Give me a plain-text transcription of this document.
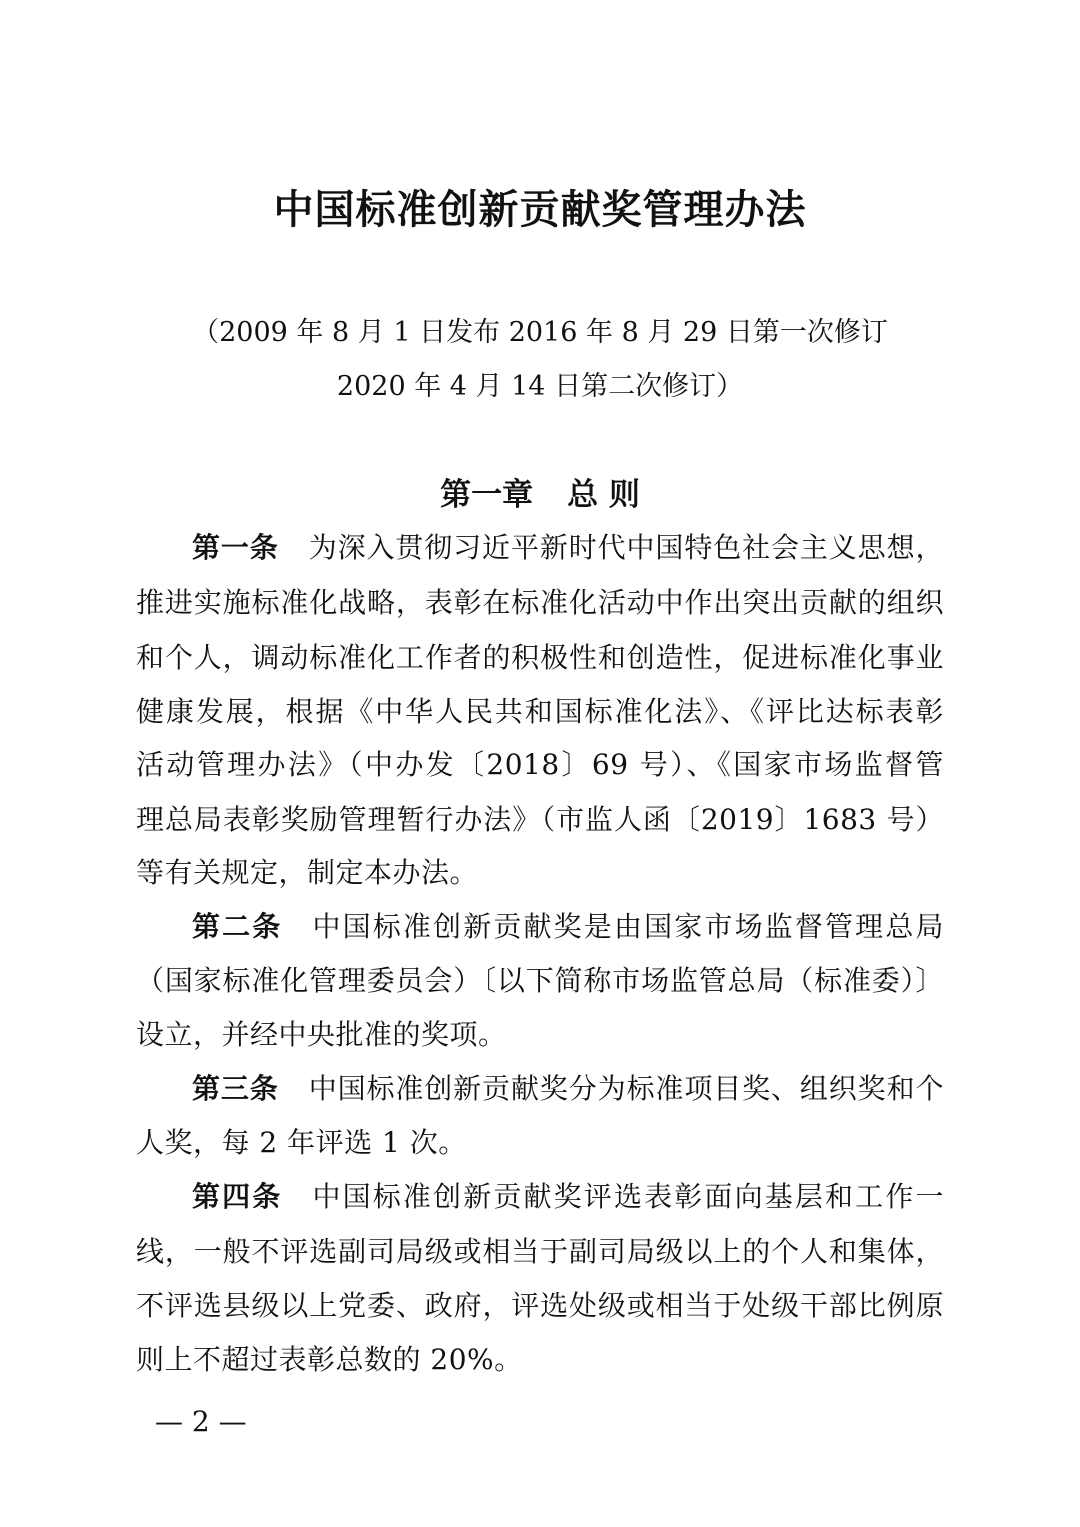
中国标准创新贡献奖管理办法
（2009 年 8 月 1 日发布 2016 年 8 月 29 日第一次修订
2020 年 4 月 14 日第二次修订）
第一章 总 则
第一条 为深入贯彻习近平新时代中国特色社会主义思想，
推进实施标准化战略，表彰在标准化活动中作出突出贡献的组织
和个人，调动标准化工作者的积极性和创造性，促进标准化事业
健康发展，根据《中华人民共和国标准化法》、《评比达标表彰
活动管理办法》（中办发〔2018〕69 号）、《国家市场监督管
理总局表彰奖励管理暂行办法》（市监人函〔2019〕1683 号）
等有关规定，制定本办法。
第二条 中国标准创新贡献奖是由国家市场监督管理总局
（国家标准化管理委员会）〔以下简称市场监管总局（标准委）〕
设立，并经中央批准的奖项。
第三条 中国标准创新贡献奖分为标准项目奖、组织奖和个
人奖，每 2 年评选 1 次。
第四条 中国标准创新贡献奖评选表彰面向基层和工作一
线，一般不评选副司局级或相当于副司局级以上的个人和集体，
不评选县级以上党委、政府，评选处级或相当于处级干部比例原
则上不超过表彰总数的 20%。
— 2 —
